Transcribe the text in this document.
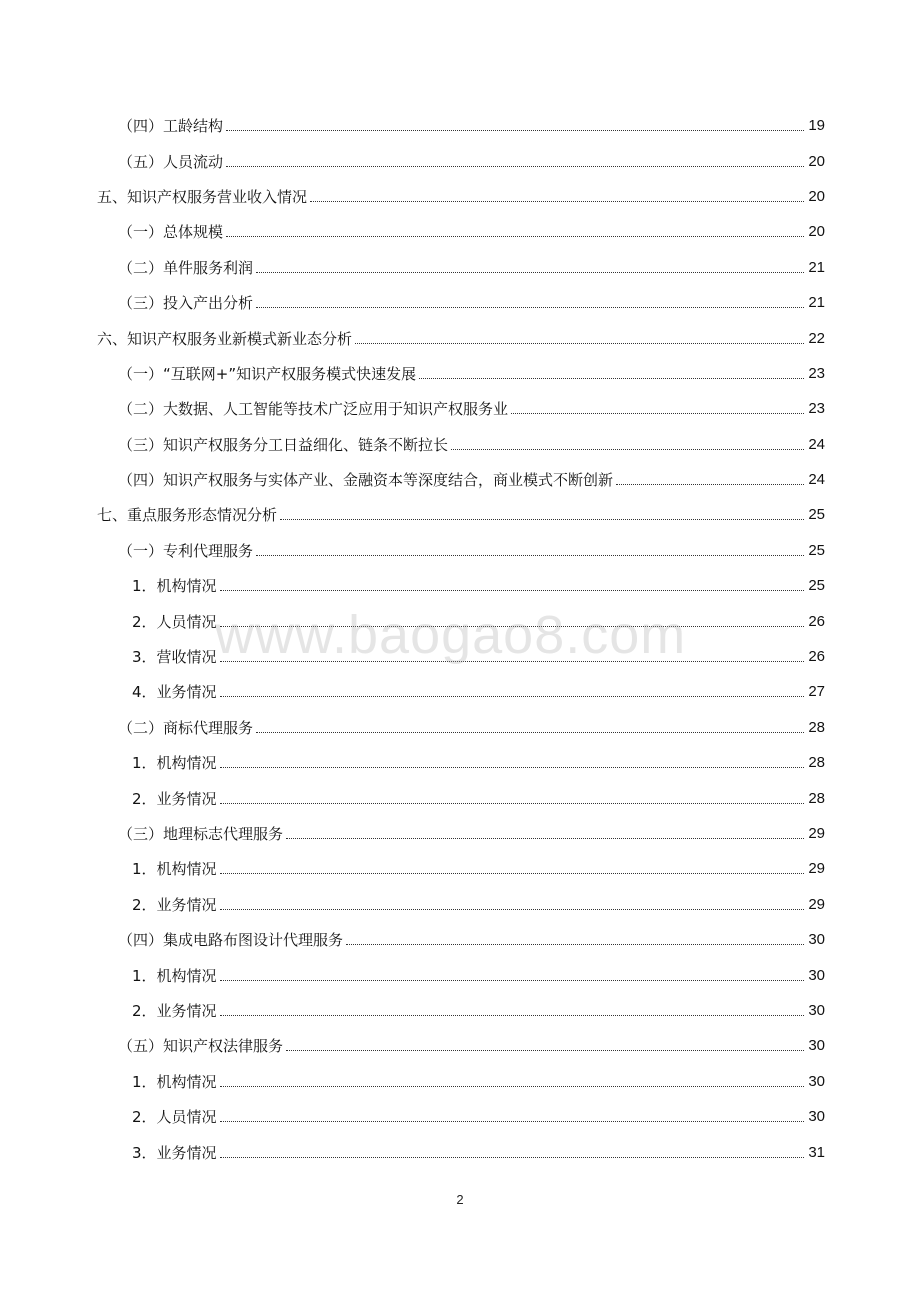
（四）工龄结构	19
（五）人员流动	20
五、知识产权服务营业收入情况	20
（一）总体规模	20
（二）单件服务利润	21
（三）投入产出分析	21
六、知识产权服务业新模式新业态分析	22
（一）“互联网+”知识产权服务模式快速发展	23
（二）大数据、人工智能等技术广泛应用于知识产权服务业	23
（三）知识产权服务分工日益细化、链条不断拉长	24
（四）知识产权服务与实体产业、金融资本等深度结合，商业模式不断创新	24
七、重点服务形态情况分析	25
（一）专利代理服务	25
1．机构情况	25
2．人员情况	26
3．营收情况	26
4．业务情况	27
（二）商标代理服务	28
1．机构情况	28
2．业务情况	28
（三）地理标志代理服务	29
1．机构情况	29
2．业务情况	29
（四）集成电路布图设计代理服务	30
1．机构情况	30
2．业务情况	30
（五）知识产权法律服务	30
1．机构情况	30
2．人员情况	30
3．业务情况	31
www.baogao8.com
2
